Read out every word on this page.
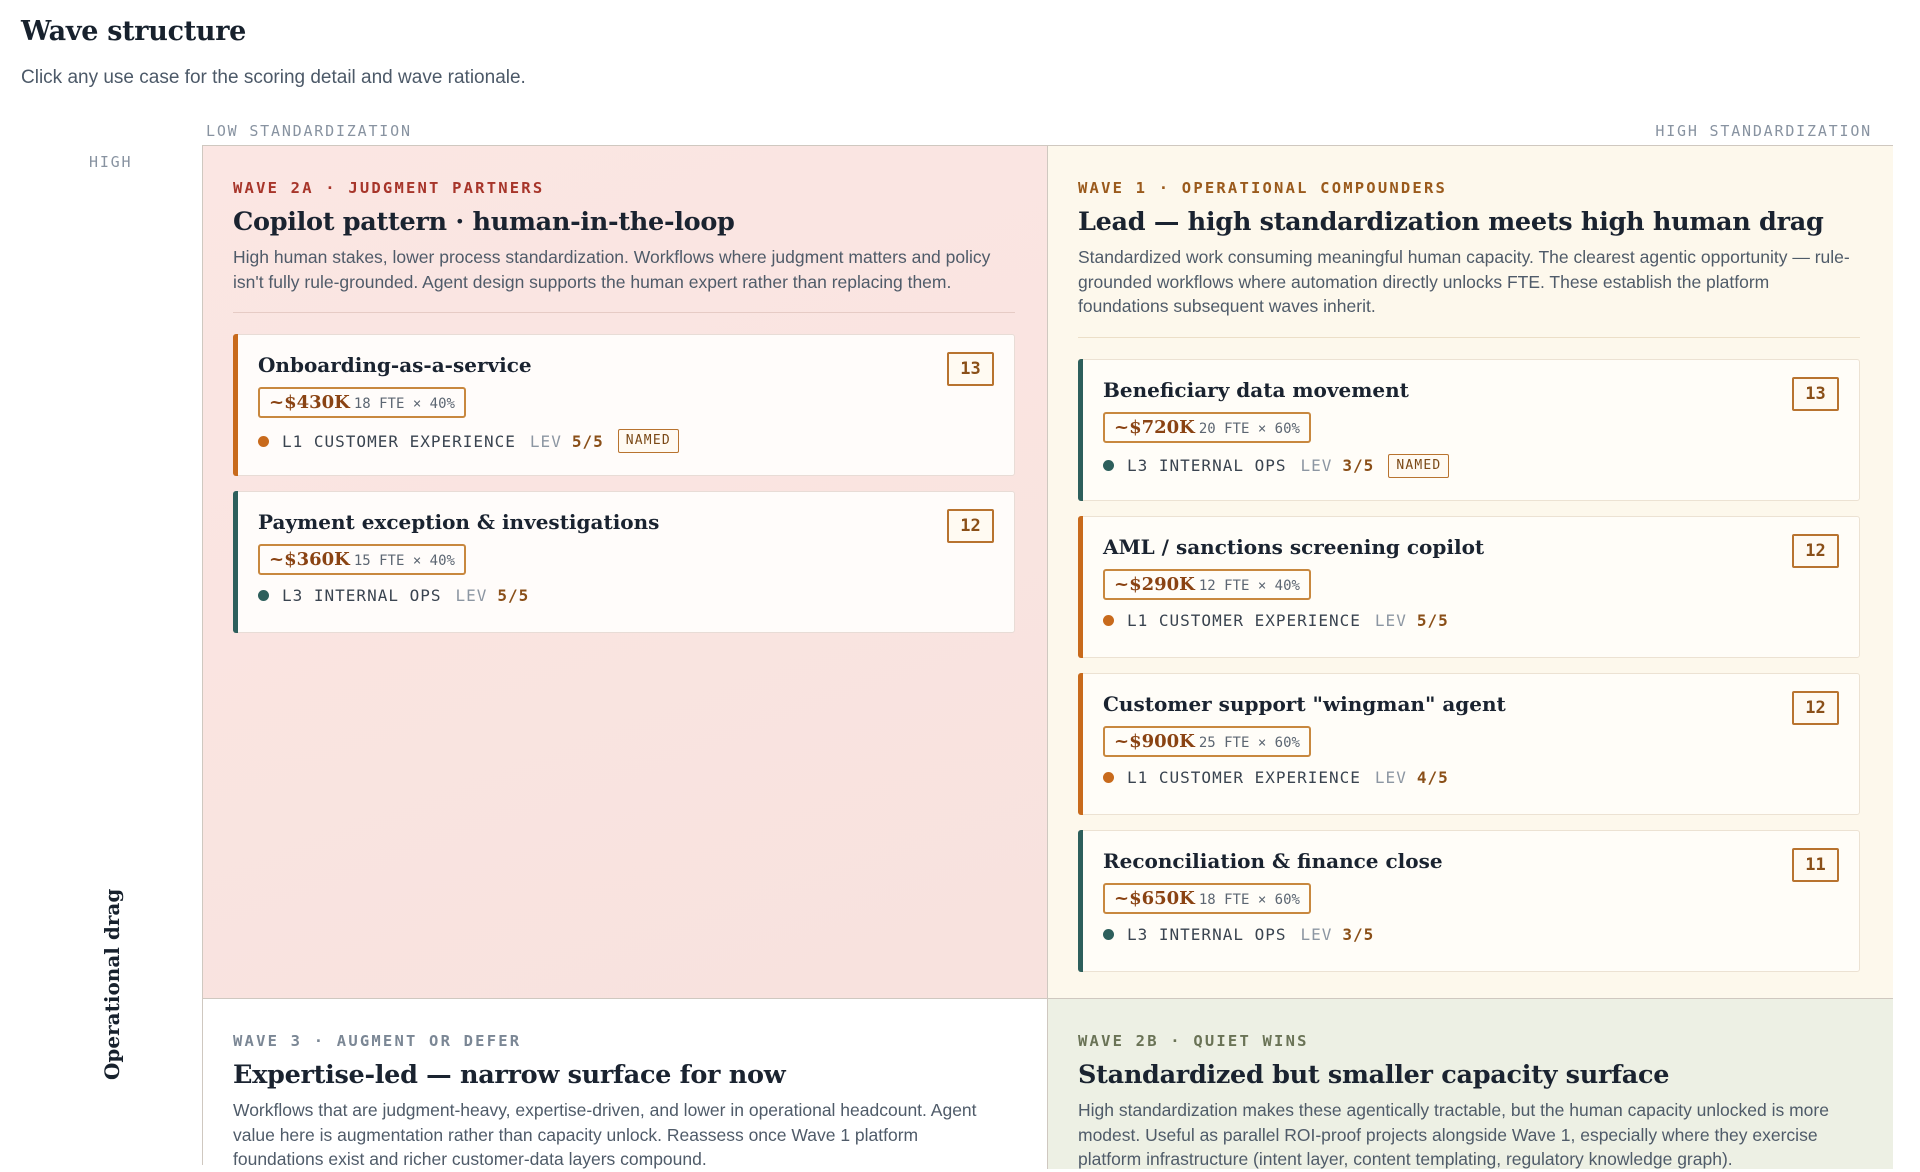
Wave structure

Click any use case for the scoring detail and wave rationale.

LOW STANDARDIZATION	HIGH STANDARDIZATION
HIGH
Operational drag
WAVE 2A · JUDGMENT PARTNERS
Copilot pattern · human-in-the-loop

High human stakes, lower process standardization. Workflows where judgment matters and policy isn't fully rule-grounded. Agent design supports the human expert rather than replacing them.

Onboarding-as-a-service	13
~$430K 18 FTE × 40%
L1 CUSTOMER EXPERIENCE LEV 5/5	NAMED
Payment exception & investigations	12
~$360K 15 FTE × 40%
L3 INTERNAL OPS LEV 5/5
WAVE 1 · OPERATIONAL COMPOUNDERS
Lead — high standardization meets high human drag

Standardized work consuming meaningful human capacity. The clearest agentic opportunity — rule-grounded workflows where automation directly unlocks FTE. These establish the platform foundations subsequent waves inherit.

Beneficiary data movement	13
~$720K 20 FTE × 60%
L3 INTERNAL OPS LEV 3/5	NAMED
AML / sanctions screening copilot	12
~$290K 12 FTE × 40%
L1 CUSTOMER EXPERIENCE LEV 5/5
Customer support "wingman" agent	12
~$900K 25 FTE × 60%
L1 CUSTOMER EXPERIENCE LEV 4/5
Reconciliation & finance close	11
~$650K 18 FTE × 60%
L3 INTERNAL OPS LEV 3/5
WAVE 3 · AUGMENT OR DEFER
Expertise-led — narrow surface for now

Workflows that are judgment-heavy, expertise-driven, and lower in operational headcount. Agent value here is augmentation rather than capacity unlock. Reassess once Wave 1 platform foundations exist and richer customer-data layers compound.

WAVE 2B · QUIET WINS
Standardized but smaller capacity surface

High standardization makes these agentically tractable, but the human capacity unlocked is more modest. Useful as parallel ROI-proof projects alongside Wave 1, especially where they exercise platform infrastructure (intent layer, content templating, regulatory knowledge graph).
